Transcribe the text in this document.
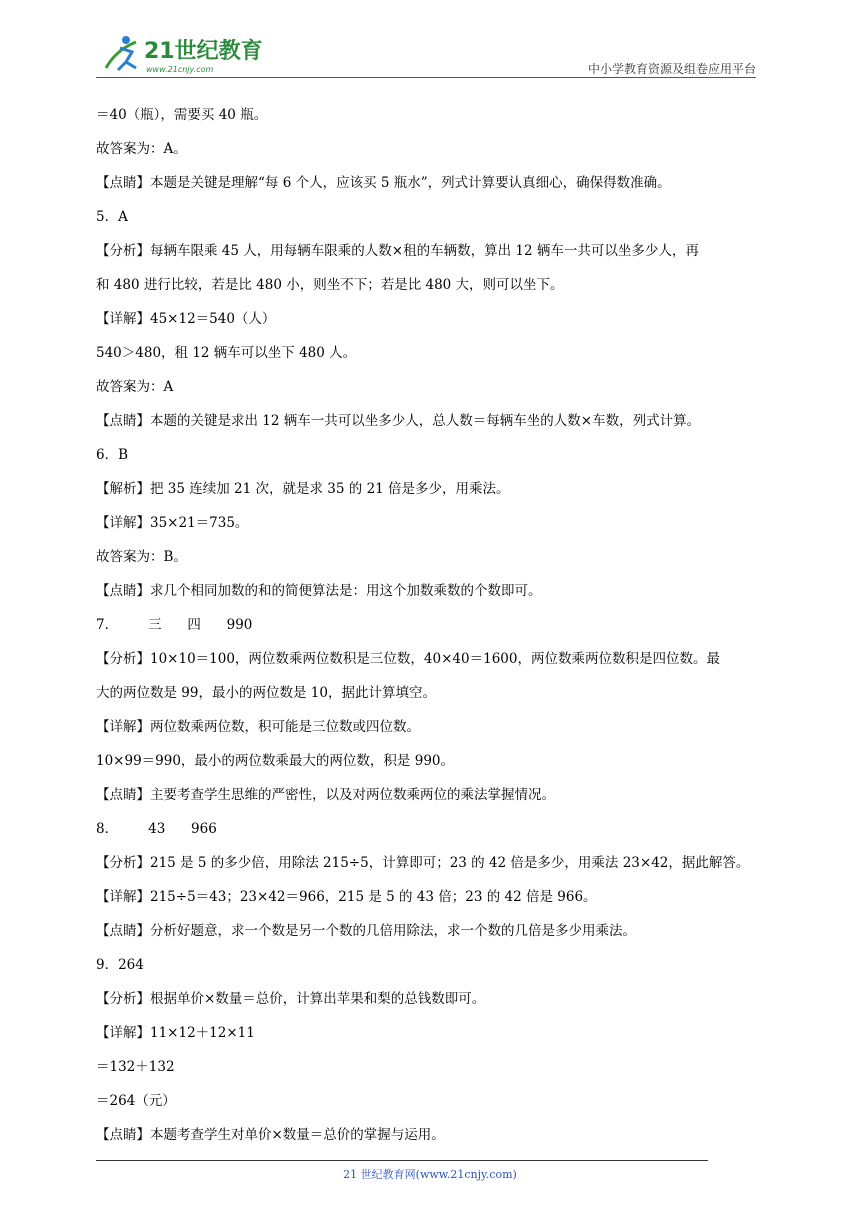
21世纪教育
www.21cnjy.com	中小学教育资源及组卷应用平台

＝40（瓶），需要买 40 瓶。

故答案为：A。

【点睛】本题是关键是理解“每 6 个人，应该买 5 瓶水”，列式计算要认真细心，确保得数准确。

5．A

【分析】每辆车限乘 45 人，用每辆车限乘的人数×租的车辆数，算出 12 辆车一共可以坐多少人，再

和 480 进行比较，若是比 480 小，则坐不下；若是比 480 大，则可以坐下。

【详解】45×12＝540（人）

540＞480，租 12 辆车可以坐下 480 人。

故答案为：A

【点睛】本题的关键是求出 12 辆车一共可以坐多少人，总人数＝每辆车坐的人数×车数，列式计算。

6．B

【解析】把 35 连续加 21 次，就是求 35 的 21 倍是多少，用乘法。

【详解】35×21＝735。

故答案为：B。

【点睛】求几个相同加数的和的简便算法是：用这个加数乘数的个数即可。

7．       三      四      990

【分析】10×10＝100，两位数乘两位数积是三位数，40×40＝1600，两位数乘两位数积是四位数。最

大的两位数是 99，最小的两位数是 10，据此计算填空。

【详解】两位数乘两位数，积可能是三位数或四位数。

10×99＝990，最小的两位数乘最大的两位数，积是 990。

【点睛】主要考查学生思维的严密性，以及对两位数乘两位的乘法掌握情况。

8．       43      966

【分析】215 是 5 的多少倍，用除法 215÷5，计算即可；23 的 42 倍是多少，用乘法 23×42，据此解答。

【详解】215÷5＝43；23×42＝966，215 是 5 的 43 倍；23 的 42 倍是 966。

【点睛】分析好题意，求一个数是另一个数的几倍用除法，求一个数的几倍是多少用乘法。

9．264

【分析】根据单价×数量＝总价，计算出苹果和梨的总钱数即可。

【详解】11×12＋12×11

＝132＋132

＝264（元）

【点睛】本题考查学生对单价×数量＝总价的掌握与运用。

21 世纪教育网(www.21cnjy.com)
